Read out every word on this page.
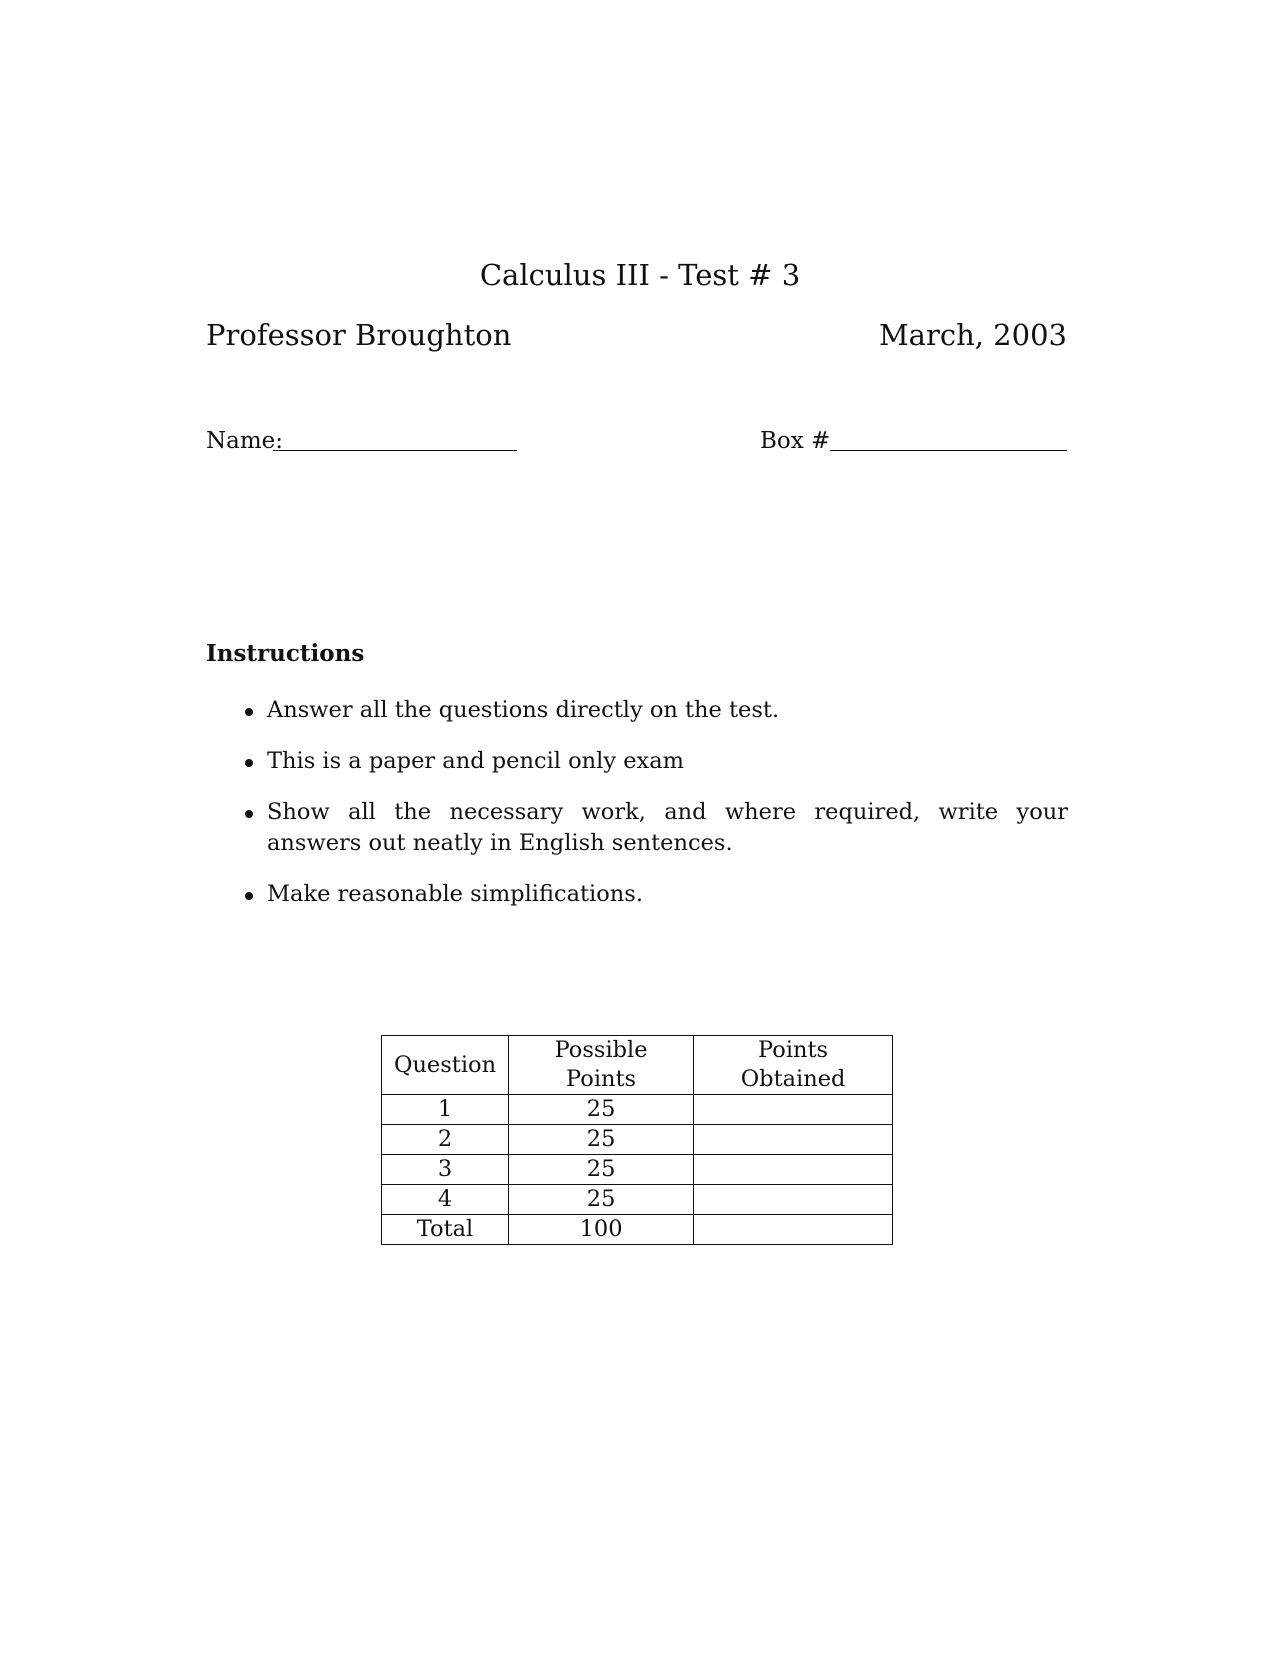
Calculus III - Test # 3
Professor Broughton	March, 2003
Name:	Box #
Instructions
Answer all the questions directly on the test.
This is a paper and pencil only exam
Show all the necessary work, and where required, write your answers out neatly in English sentences.
Make reasonable simplifications.
Question	Possible Points	Points Obtained
1	25	
2	25	
3	25	
4	25	
Total	100	
